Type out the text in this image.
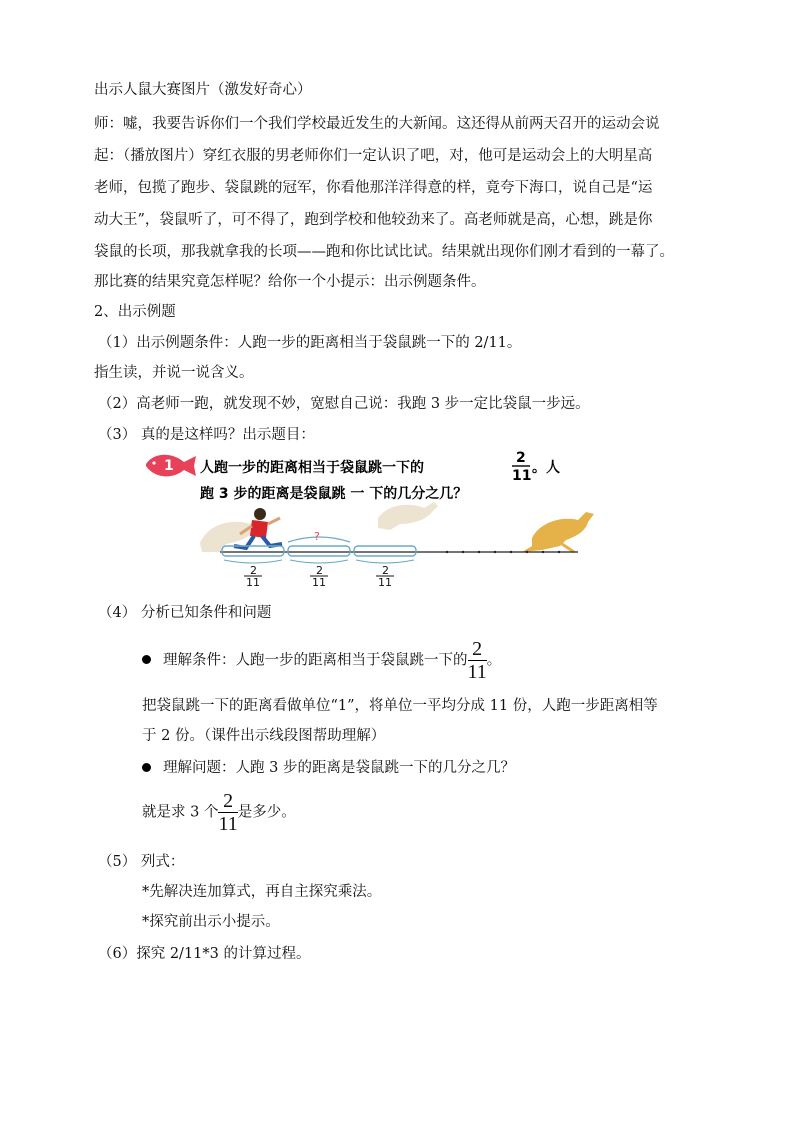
出示人鼠大赛图片（激发好奇心）
师：嘘，我要告诉你们一个我们学校最近发生的大新闻。这还得从前两天召开的运动会说
起：（播放图片）穿红衣服的男老师你们一定认识了吧，对，他可是运动会上的大明星高
老师，包揽了跑步、袋鼠跳的冠军，你看他那洋洋得意的样，竟夸下海口，说自己是“运
动大王”，袋鼠听了，可不得了，跑到学校和他较劲来了。高老师就是高，心想，跳是你
袋鼠的长项，那我就拿我的长项——跑和你比试比试。结果就出现你们刚才看到的一幕了。
那比赛的结果究竟怎样呢？给你一个小提示：出示例题条件。
2、出示例题
（1）出示例题条件：人跑一步的距离相当于袋鼠跳一下的 2/11。
指生读，并说一说含义。
（2）高老师一跑，就发现不妙，宽慰自己说：我跑 3 步一定比袋鼠一步远。
（3） 真的是这样吗？出示题目：
1 人跑一步的距离相当于袋鼠跳一下的
2
11 。人
跑 3 步的距离是袋鼠跳 一 下的几分之几？
?
2
11
2
11
2
11
（4） 分析已知条件和问题
理解条件：人跑一步的距离相当于袋鼠跳一下的 $\frac{2}{11}$ 。
把袋鼠跳一下的距离看做单位“1”，将单位一平均分成 11 份，人跑一步距离相等
于 2 份。（课件出示线段图帮助理解）
理解问题：人跑 3 步的距离是袋鼠跳一下的几分之几？
就是求 3 个 $\frac{2}{11}$ 是多少。
（5） 列式：
*先解决连加算式，再自主探究乘法。
*探究前出示小提示。
（6）探究 2/11*3 的计算过程。
